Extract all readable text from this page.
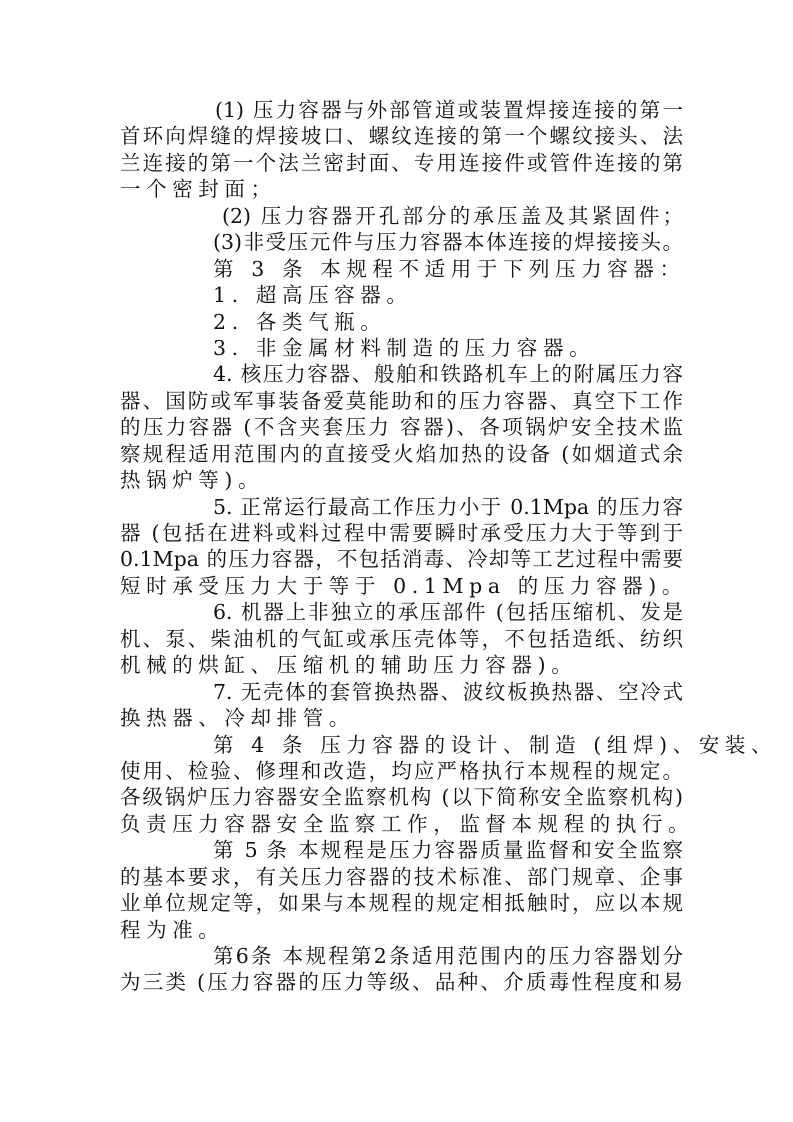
(1) 压力容器与外部管道或装置焊接连接的第一
首环向焊缝的焊接坡口、螺纹连接的第一个螺纹接头、法
兰连接的第一个法兰密封面、专用连接件或管件连接的第
一个密封面；
(2) 压力容器开孔部分的承压盖及其紧固件；
(3)非受压元件与压力容器本体连接的焊接接头。
第 3 条 本规程不适用于下列压力容器：
1. 超高压容器。
2. 各类气瓶。
3. 非金属材料制造的压力容器。
4. 核压力容器、般舶和铁路机车上的附属压力容
器、国防或军事装备爱莫能助和的压力容器、真空下工作
的压力容器 (不含夹套压力 容器)、各项锅炉安全技术监
察规程适用范围内的直接受火焰加热的设备 (如烟道式余
热锅炉等)。
5. 正常运行最高工作压力小于 0.1Mpa 的压力容
器 (包括在进料或料过程中需要瞬时承受压力大于等到于
0.1Mpa 的压力容器，不包括消毒、冷却等工艺过程中需要
短时承受压力大于等于 0.1Mpa 的压力容器)。
6. 机器上非独立的承压部件 (包括压缩机、发是
机、泵、柴油机的气缸或承压壳体等，不包括造纸、纺织
机械的烘缸、压缩机的辅助压力容器)。
7. 无壳体的套管换热器、波纹板换热器、空冷式
换热器、冷却排管。
第 4 条 压力容器的设计、制造 (组焊)、安装、
使用、检验、修理和改造，均应严格执行本规程的规定。
各级锅炉压力容器安全监察机构 (以下简称安全监察机构)
负责压力容器安全监察工作，监督本规程的执行。
第 5 条 本规程是压力容器质量监督和安全监察
的基本要求，有关压力容器的技术标准、部门规章、企事
业单位规定等，如果与本规程的规定相抵触时，应以本规
程为准。
第6条 本规程第2条适用范围内的压力容器划分
为三类 (压力容器的压力等级、品种、介质毒性程度和易
